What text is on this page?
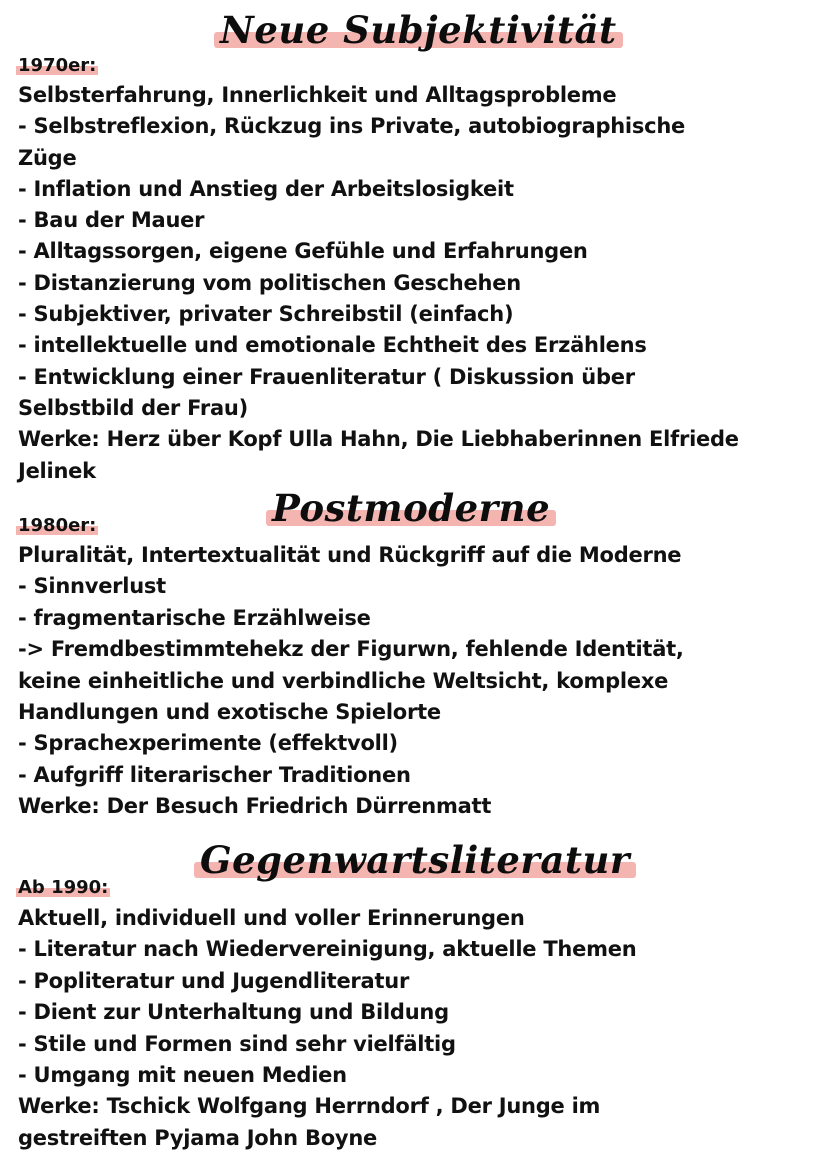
Neue Subjektivität
1970er:
Selbsterfahrung, Innerlichkeit und Alltagsprobleme
- Selbstreflexion, Rückzug ins Private, autobiographische
Züge
- Inflation und Anstieg der Arbeitslosigkeit
- Bau der Mauer
- Alltagssorgen, eigene Gefühle und Erfahrungen
- Distanzierung vom politischen Geschehen
- Subjektiver, privater Schreibstil (einfach)
- intellektuelle und emotionale Echtheit des Erzählens
- Entwicklung einer Frauenliteratur ( Diskussion über
Selbstbild der Frau)
Werke: Herz über Kopf Ulla Hahn, Die Liebhaberinnen Elfriede
Jelinek
Postmoderne
1980er:
Pluralität, Intertextualität und Rückgriff auf die Moderne
- Sinnverlust
- fragmentarische Erzählweise
-> Fremdbestimmtehekz der Figurwn, fehlende Identität,
keine einheitliche und verbindliche Weltsicht, komplexe
Handlungen und exotische Spielorte
- Sprachexperimente (effektvoll)
- Aufgriff literarischer Traditionen
Werke: Der Besuch Friedrich Dürrenmatt
Gegenwartsliteratur
Ab 1990:
Aktuell, individuell und voller Erinnerungen
- Literatur nach Wiedervereinigung, aktuelle Themen
- Popliteratur und Jugendliteratur
- Dient zur Unterhaltung und Bildung
- Stile und Formen sind sehr vielfältig
- Umgang mit neuen Medien
Werke: Tschick Wolfgang Herrndorf , Der Junge im
gestreiften Pyjama John Boyne
